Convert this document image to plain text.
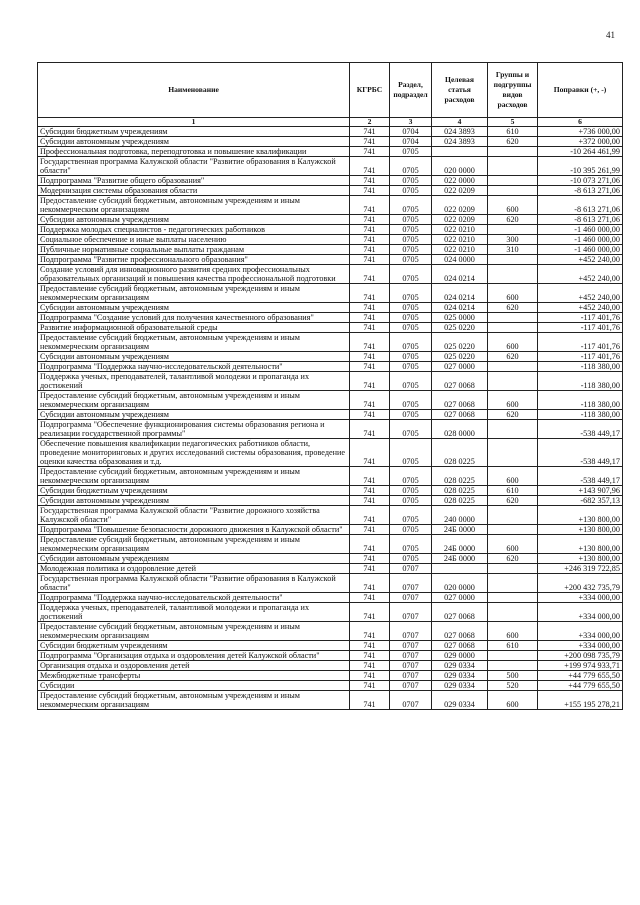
41
Наименование	КГРБС	Раздел, подраздел	Целевая статья расходов	Группы и подгруппы видов расходов	Поправки (+, -)
1	2	3	4	5	6
Субсидии бюджетным учреждениям	741	0704	024 3893	610	+736 000,00
Субсидии автономным учреждениям	741	0704	024 3893	620	+372 000,00
Профессиональная подготовка, переподготовка и повышение квалификации	741	0705			-10 264 461,99
Государственная программа Калужской области "Развитие образования в Калужской области"	741	0705	020 0000		-10 395 261,99
Подпрограмма "Развитие общего образования"	741	0705	022 0000		-10 073 271,06
Модернизация системы образования области	741	0705	022 0209		-8 613 271,06
Предоставление субсидий бюджетным, автономным учреждениям и иным некоммерческим организациям	741	0705	022 0209	600	-8 613 271,06
Субсидии автономным учреждениям	741	0705	022 0209	620	-8 613 271,06
Поддержка молодых специалистов - педагогических работников	741	0705	022 0210		-1 460 000,00
Социальное обеспечение и иные выплаты населению	741	0705	022 0210	300	-1 460 000,00
Публичные нормативные социальные выплаты гражданам	741	0705	022 0210	310	-1 460 000,00
Подпрограмма "Развитие профессионального образования"	741	0705	024 0000		+452 240,00
Создание условий для инновационного развития средних профессиональных образовательных организаций и повышения качества профессиональной подготовки	741	0705	024 0214		+452 240,00
Предоставление субсидий бюджетным, автономным учреждениям и иным некоммерческим организациям	741	0705	024 0214	600	+452 240,00
Субсидии автономным учреждениям	741	0705	024 0214	620	+452 240,00
Подпрограмма "Создание условий для получения качественного образования"	741	0705	025 0000		-117 401,76
Развитие информационной образовательной среды	741	0705	025 0220		-117 401,76
Предоставление субсидий бюджетным, автономным учреждениям и иным некоммерческим организациям	741	0705	025 0220	600	-117 401,76
Субсидии автономным учреждениям	741	0705	025 0220	620	-117 401,76
Подпрограмма "Поддержка научно-исследовательской деятельности"	741	0705	027 0000		-118 380,00
Поддержка ученых, преподавателей, талантливой молодежи и пропаганда их достижений	741	0705	027 0068		-118 380,00
Предоставление субсидий бюджетным, автономным учреждениям и иным некоммерческим организациям	741	0705	027 0068	600	-118 380,00
Субсидии автономным учреждениям	741	0705	027 0068	620	-118 380,00
Подпрограмма "Обеспечение функционирования системы образования региона и реализации государственной программы"	741	0705	028 0000		-538 449,17
Обеспечение повышения квалификации педагогических работников области, проведение мониторинговых и других исследований системы образования, проведение оценки качества образования и т.д.	741	0705	028 0225		-538 449,17
Предоставление субсидий бюджетным, автономным учреждениям и иным некоммерческим организациям	741	0705	028 0225	600	-538 449,17
Субсидии бюджетным учреждениям	741	0705	028 0225	610	+143 907,96
Субсидии автономным учреждениям	741	0705	028 0225	620	-682 357,13
Государственная программа Калужской области "Развитие дорожного хозяйства Калужской области"	741	0705	240 0000		+130 800,00
Подпрограмма "Повышение безопасности дорожного движения в Калужской области"	741	0705	24Б 0000		+130 800,00
Предоставление субсидий бюджетным, автономным учреждениям и иным некоммерческим организациям	741	0705	24Б 0000	600	+130 800,00
Субсидии автономным учреждениям	741	0705	24Б 0000	620	+130 800,00
Молодежная политика и оздоровление детей	741	0707			+246 319 722,85
Государственная программа Калужской области "Развитие образования в Калужской области"	741	0707	020 0000		+200 432 735,79
Подпрограмма "Поддержка научно-исследовательской деятельности"	741	0707	027 0000		+334 000,00
Поддержка ученых, преподавателей, талантливой молодежи и пропаганда их достижений	741	0707	027 0068		+334 000,00
Предоставление субсидий бюджетным, автономным учреждениям и иным некоммерческим организациям	741	0707	027 0068	600	+334 000,00
Субсидии бюджетным учреждениям	741	0707	027 0068	610	+334 000,00
Подпрограмма "Организация отдыха и оздоровления детей Калужской области"	741	0707	029 0000		+200 098 735,79
Организация отдыха и оздоровления детей	741	0707	029 0334		+199 974 933,71
Межбюджетные трансферты	741	0707	029 0334	500	+44 779 655,50
Субсидии	741	0707	029 0334	520	+44 779 655,50
Предоставление субсидий бюджетным, автономным учреждениям и иным некоммерческим организациям	741	0707	029 0334	600	+155 195 278,21
